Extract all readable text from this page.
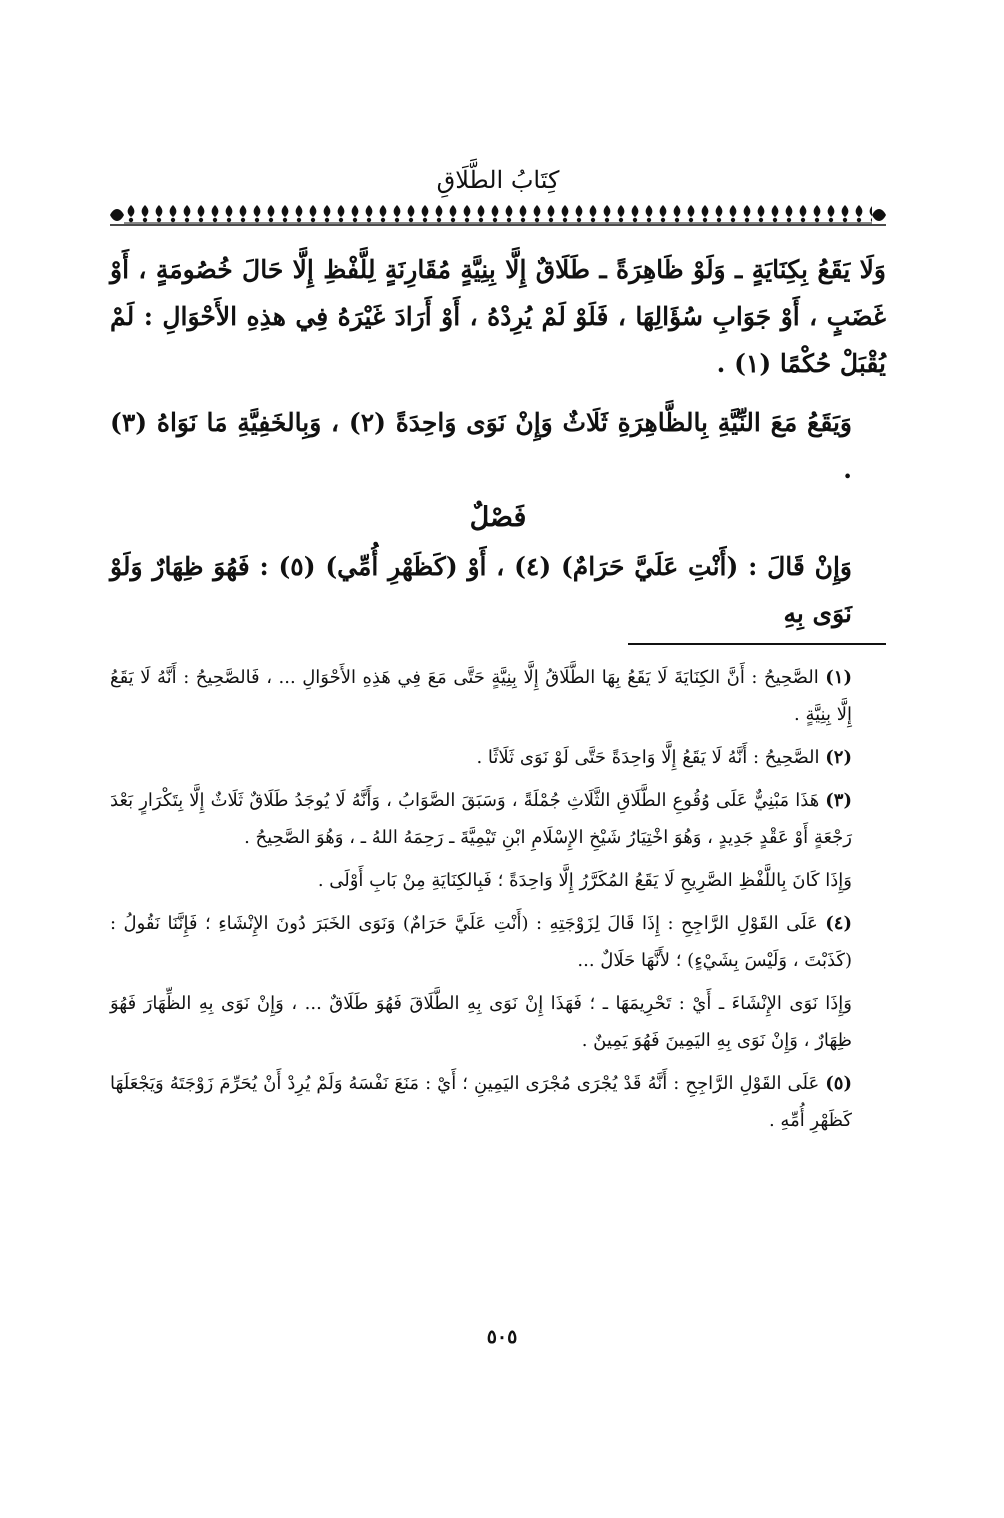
كِتَابُ الطَّلَاقِ

وَلَا يَقَعُ بِكِنَايَةٍ ـ وَلَوْ ظَاهِرَةً ـ طَلَاقٌ إِلَّا بِنِيَّةٍ مُقَارِنَةٍ لِلَّفْظِ إِلَّا حَالَ خُصُومَةٍ ، أَوْ غَضَبٍ ، أَوْ جَوَابِ سُؤَالِهَا ، فَلَوْ لَمْ يُرِدْهُ ، أَوْ أَرَادَ غَيْرَهُ فِي هذِهِ الأَحْوَالِ : لَمْ يُقْبَلْ حُكْمًا (١) .

وَيَقَعُ مَعَ النِّيَّةِ بِالظَّاهِرَةِ ثَلَاثٌ وَإِنْ نَوَى وَاحِدَةً (٢) ، وَبِالخَفِيَّةِ مَا نَوَاهُ (٣) .

فَصْلٌ

وَإِنْ قَالَ : (أَنْتِ عَلَيَّ حَرَامٌ) (٤) ، أَوْ (كَظَهْرِ أُمِّي) (٥) : فَهُوَ ظِهَارٌ وَلَوْ نَوَى بِهِ

(١) الصَّحِيحُ : أَنَّ الكِنَايَةَ لَا يَقَعُ بِهَا الطَّلَاقُ إِلَّا بِنِيَّةٍ حَتَّى مَعَ فِي هَذِهِ الأَحْوَالِ ... ، فَالصَّحِيحُ : أَنَّهُ لَا يَقَعُ إِلَّا بِنِيَّةٍ .

(٢) الصَّحِيحُ : أَنَّهُ لَا يَقَعُ إِلَّا وَاحِدَةً حَتَّى لَوْ نَوَى ثَلَاثًا .

(٣) هَذَا مَبْنِيٌّ عَلَى وُقُوعِ الطَّلَاقِ الثَّلَاثِ جُمْلَةً ، وَسَبَقَ الصَّوَابُ ، وَأَنَّهُ لَا يُوجَدُ طَلَاقٌ ثَلَاثٌ إِلَّا بِتَكْرَارٍ بَعْدَ رَجْعَةٍ أَوْ عَقْدٍ جَدِيدٍ ، وَهُوَ اخْتِيَارُ شَيْخِ الإِسْلَامِ ابْنِ تَيْمِيَّةَ ـ رَحِمَهُ اللهُ ـ ، وَهُوَ الصَّحِيحُ .

وَإِذَا كَانَ بِاللَّفْظِ الصَّرِيحِ لَا يَقَعُ المُكَرَّرُ إِلَّا وَاحِدَةً ؛ فَبِالكِنَايَةِ مِنْ بَابِ أَوْلَى .

(٤) عَلَى القَوْلِ الرَّاجِحِ : إِذَا قَالَ لِزَوْجَتِهِ : (أَنْتِ عَلَيَّ حَرَامٌ) وَنَوَى الخَبَرَ دُونَ الإِنْشَاءِ ؛ فَإِنَّنَا نَقُولُ : (كَذَبْتَ ، وَلَيْسَ بِشَيْءٍ) ؛ لأَنَّهَا حَلَالٌ ...

وَإِذَا نَوَى الإِنْشَاءَ ـ أَيْ : تَحْرِيمَهَا ـ ؛ فَهَذَا إِنْ نَوَى بِهِ الطَّلَاقَ فَهُوَ طَلَاقٌ ... ، وَإِنْ نَوَى بِهِ الظِّهَارَ فَهُوَ ظِهَارٌ ، وَإِنْ نَوَى بِهِ اليَمِينَ فَهُوَ يَمِينٌ .

(٥) عَلَى القَوْلِ الرَّاجِحِ : أَنَّهُ قَدْ يُجْرَى مُجْرَى اليَمِينِ ؛ أَيْ : مَنَعَ نَفْسَهُ وَلَمْ يُرِدْ أَنْ يُحَرِّمَ زَوْجَتَهُ وَيَجْعَلَهَا كَظَهْرِ أُمِّهِ .

٥٠٥
